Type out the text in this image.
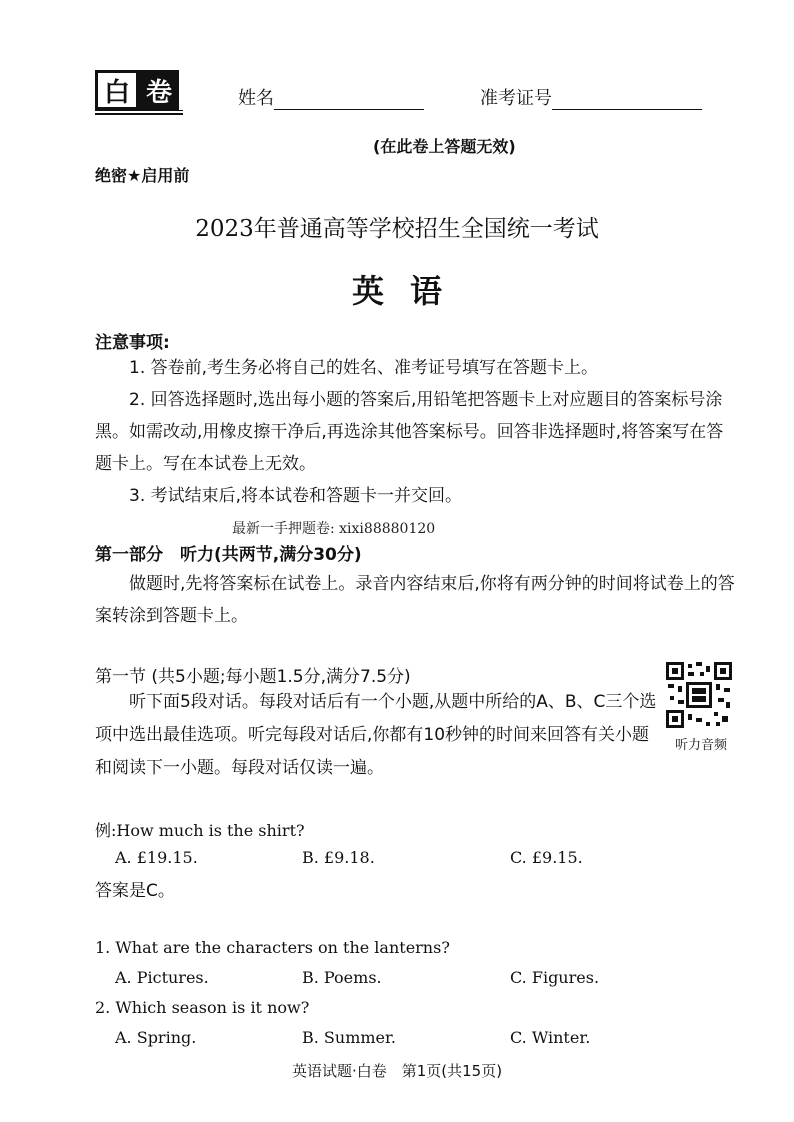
白 卷	姓名	准考证号
(在此卷上答题无效)
绝密★启用前
2023年普通高等学校招生全国统一考试
英语
注意事项:
1. 答卷前,考生务必将自己的姓名、准考证号填写在答题卡上。
2. 回答选择题时,选出每小题的答案后,用铅笔把答题卡上对应题目的答案标号涂黑。如需改动,用橡皮擦干净后,再选涂其他答案标号。回答非选择题时,将答案写在答题卡上。写在本试卷上无效。
3. 考试结束后,将本试卷和答题卡一并交回。
最新一手押题卷: xixi88880120
第一部分　听力(共两节,满分30分)
做题时,先将答案标在试卷上。录音内容结束后,你将有两分钟的时间将试卷上的答案转涂到答题卡上。
第一节 (共5小题;每小题1.5分,满分7.5分)
听下面5段对话。每段对话后有一个小题,从题中所给的A、B、C三个选项中选出最佳选项。听完每段对话后,你都有10秒钟的时间来回答有关小题和阅读下一小题。每段对话仅读一遍。
听力音频
例:How much is the shirt?
A. £19.15.	B. £9.18.	C. £9.15.
答案是C。
1. What are the characters on the lanterns?
A. Pictures.	B. Poems.	C. Figures.
2. Which season is it now?
A. Spring.	B. Summer.	C. Winter.
英语试题·白卷　第1页(共15页)
